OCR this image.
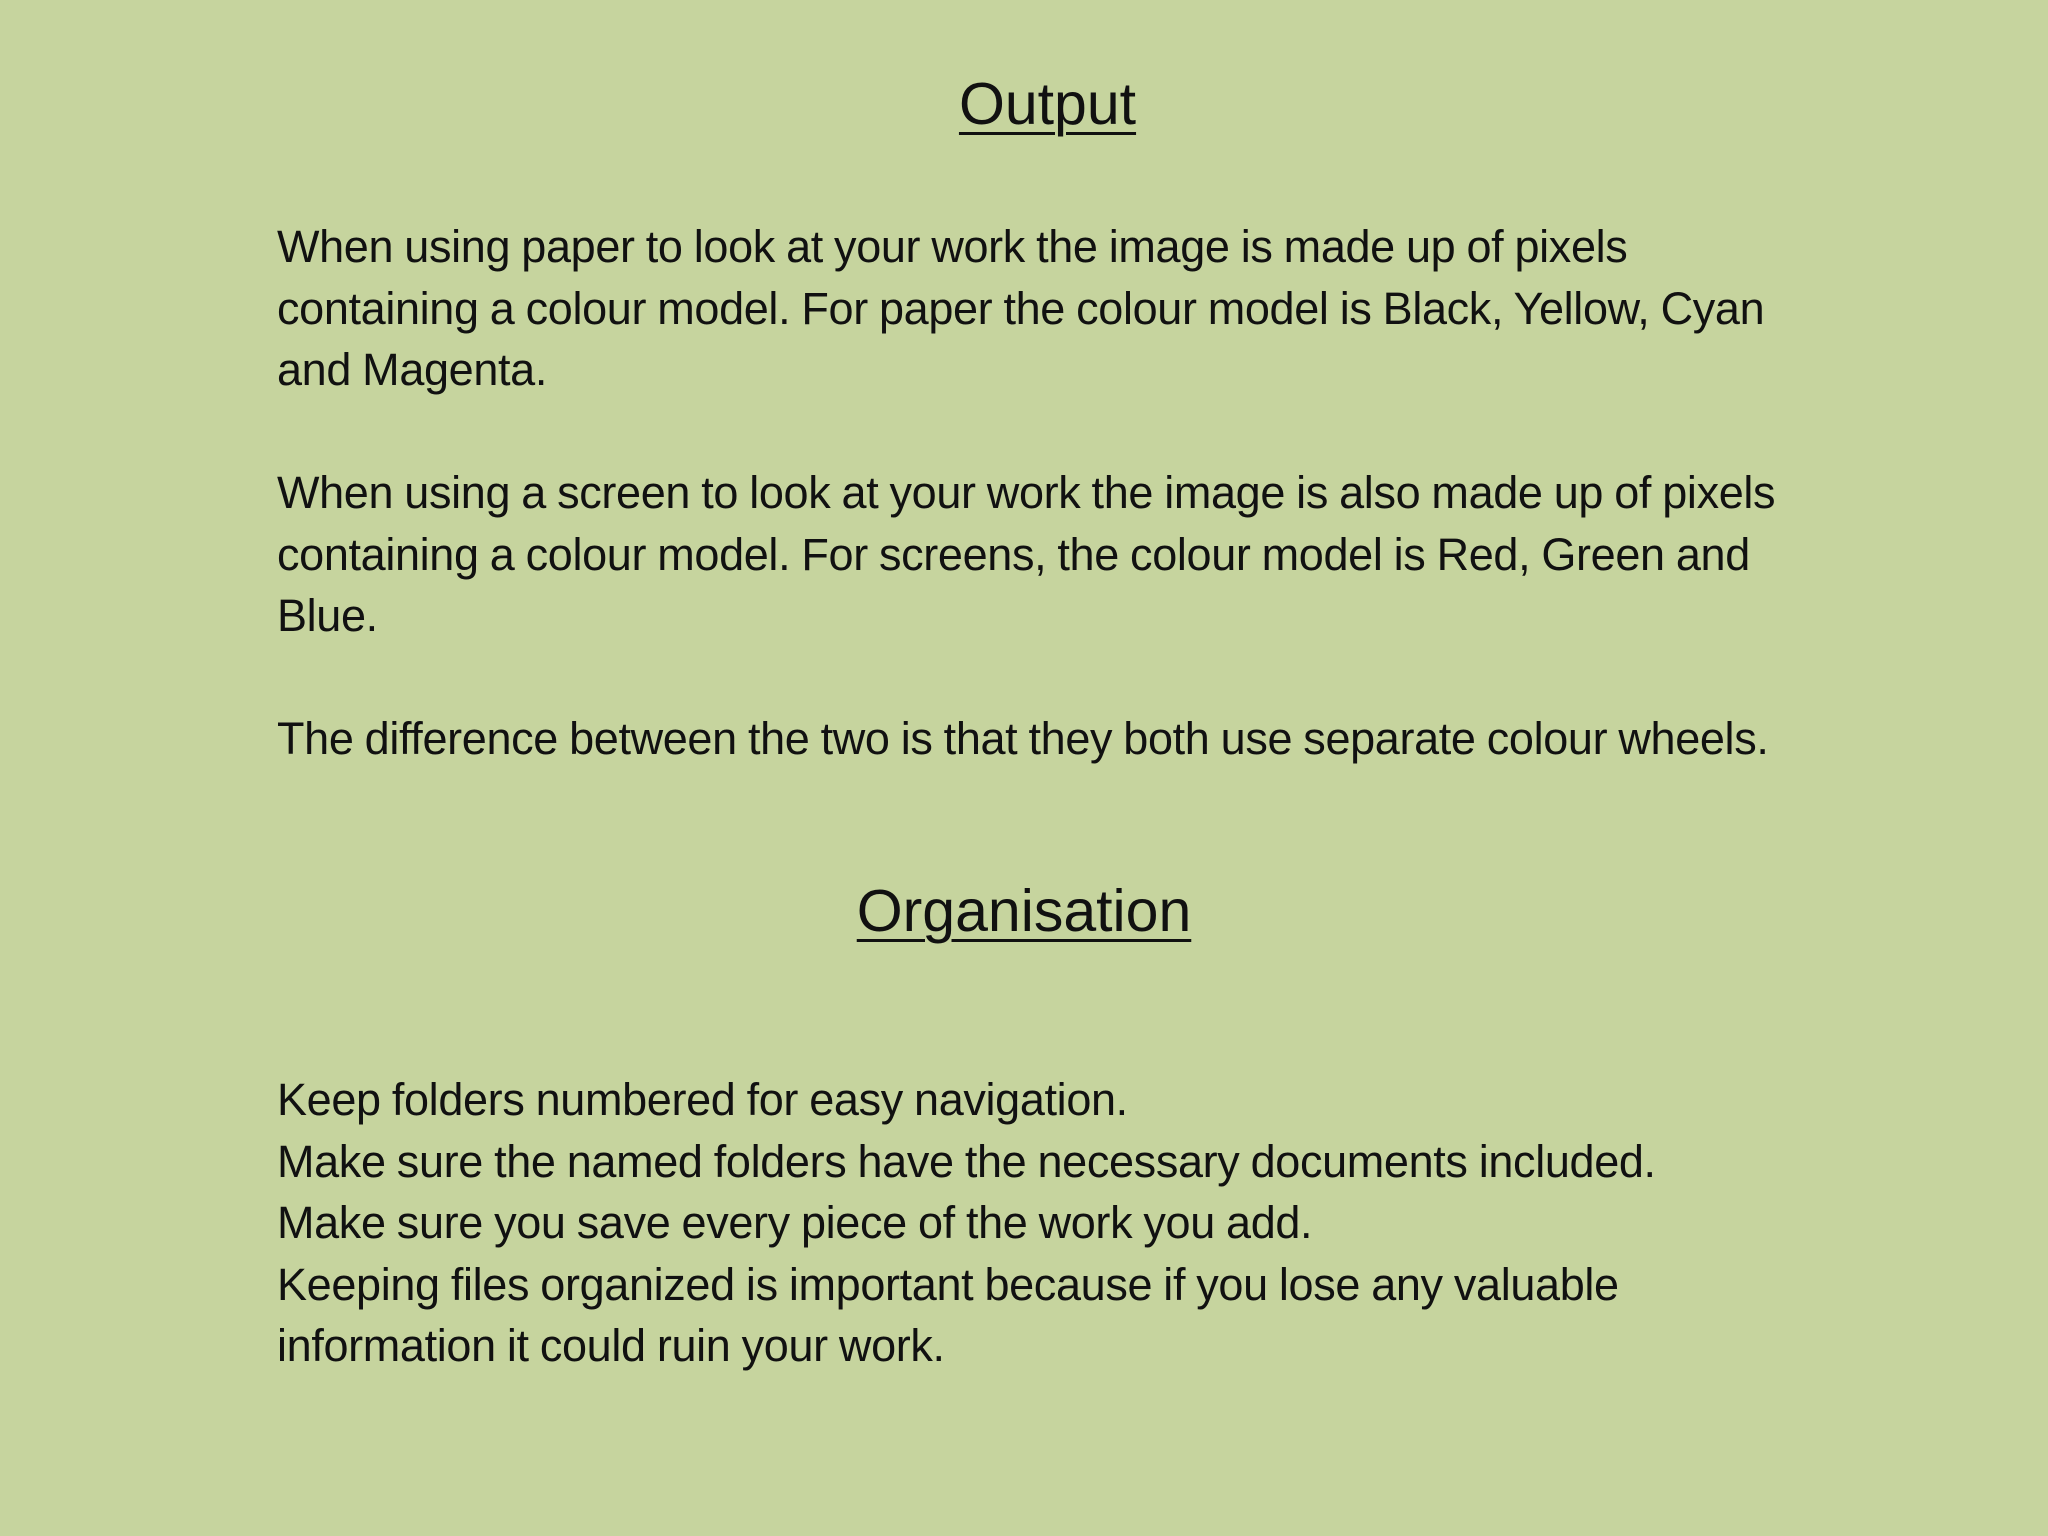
Output

When using paper to look at your work the image is made up of pixels containing a colour model. For paper the colour model is Black, Yellow, Cyan and Magenta.

When using a screen to look at your work the image is also made up of pixels containing a colour model. For screens, the colour model is Red, Green and Blue.

The difference between the two is that they both use separate colour wheels.

Organisation
Keep folders numbered for easy navigation.
Make sure the named folders have the necessary documents included.
Make sure you save every piece of the work you add.
Keeping files organized is important because if you lose any valuable information it could ruin your work.
